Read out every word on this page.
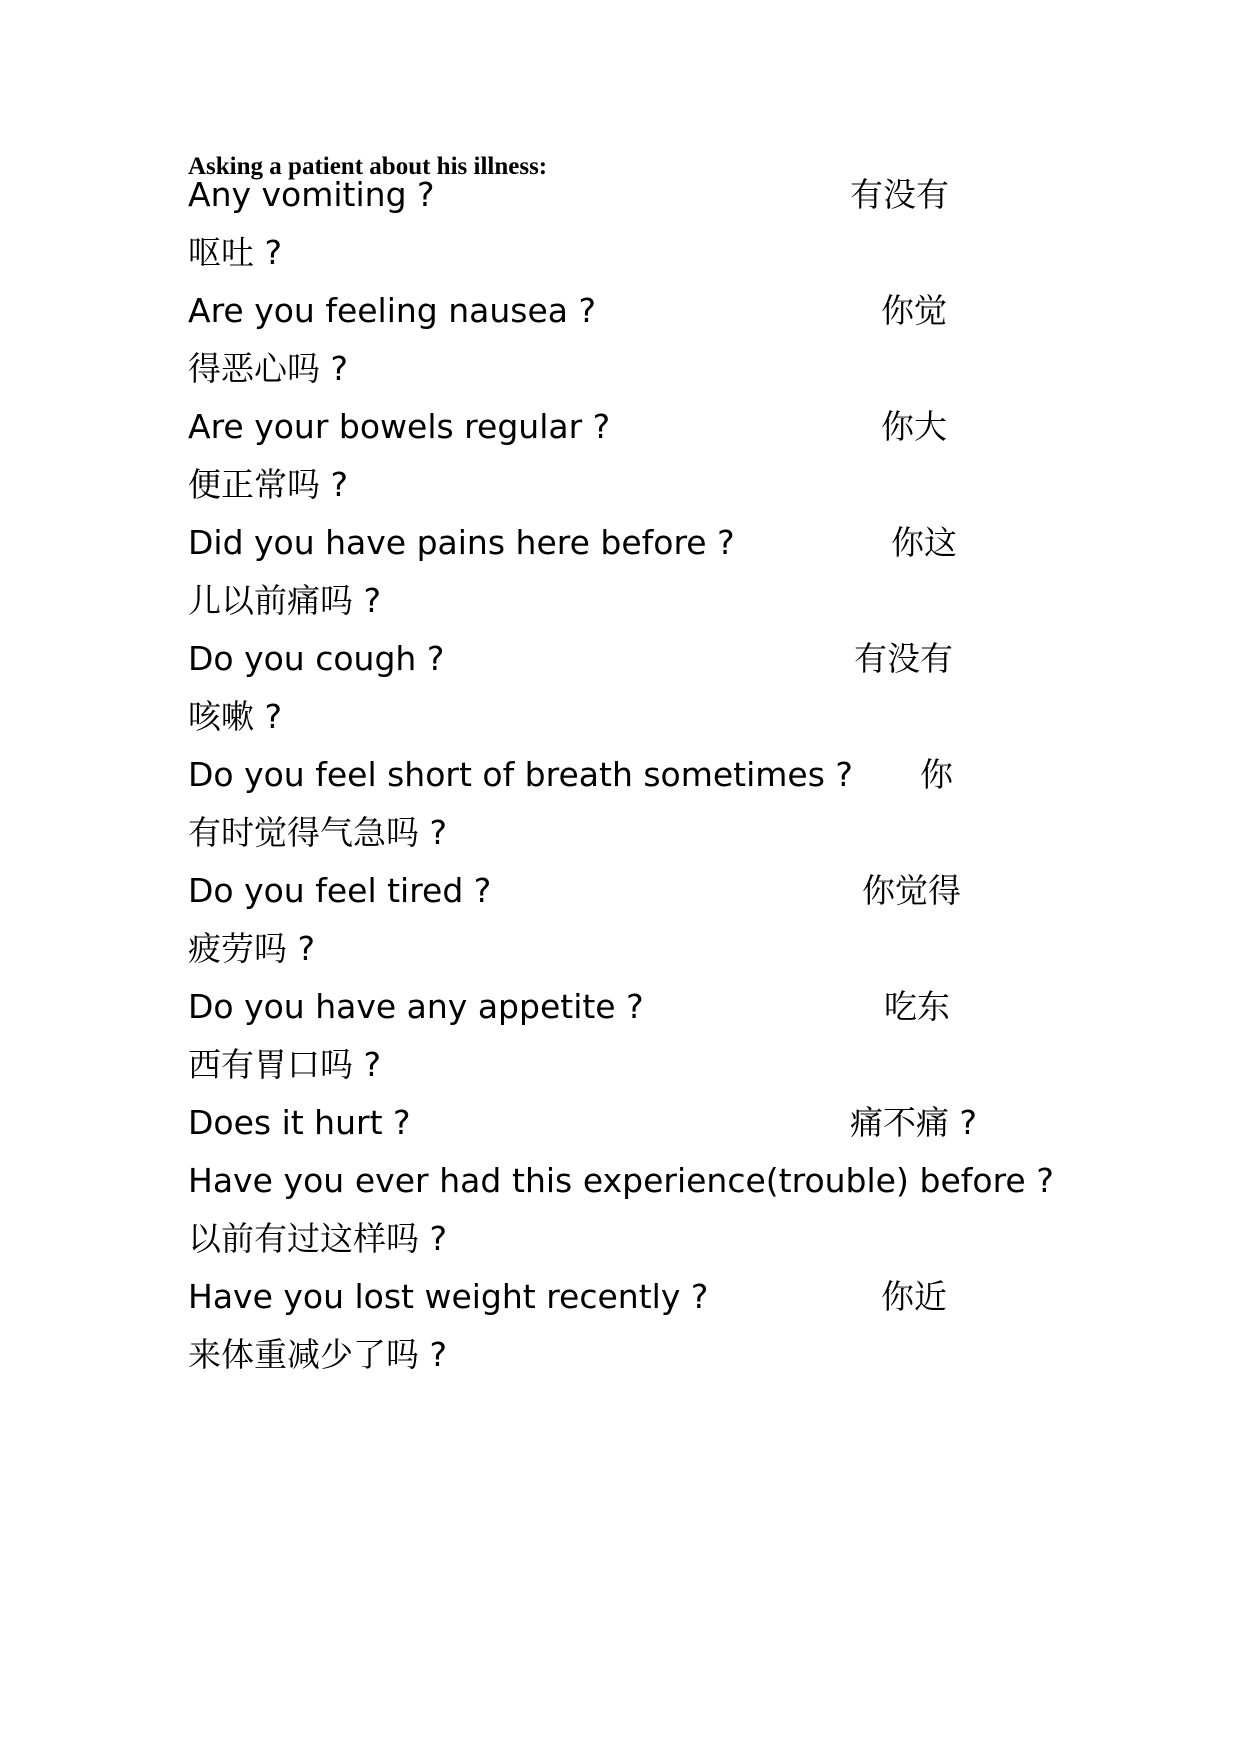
Asking a patient about his illness:
Any vomiting ?	有没有
呕吐 ?
Are you feeling nausea ?	你觉
得恶心吗 ?
Are your bowels regular ?	你大
便正常吗 ?
Did you have pains here before ?	你这
儿以前痛吗 ?
Do you cough ?	有没有
咳嗽 ?
Do you feel short of breath sometimes ? 你
有时觉得气急吗 ?
Do you feel tired ?	你觉得
疲劳吗 ?
Do you have any appetite ?	吃东
西有胃口吗 ?
Does it hurt ?	痛不痛 ?
Have you ever had this experience(trouble) before ?
以前有过这样吗 ?
Have you lost weight recently ?	你近
来体重减少了吗 ?
